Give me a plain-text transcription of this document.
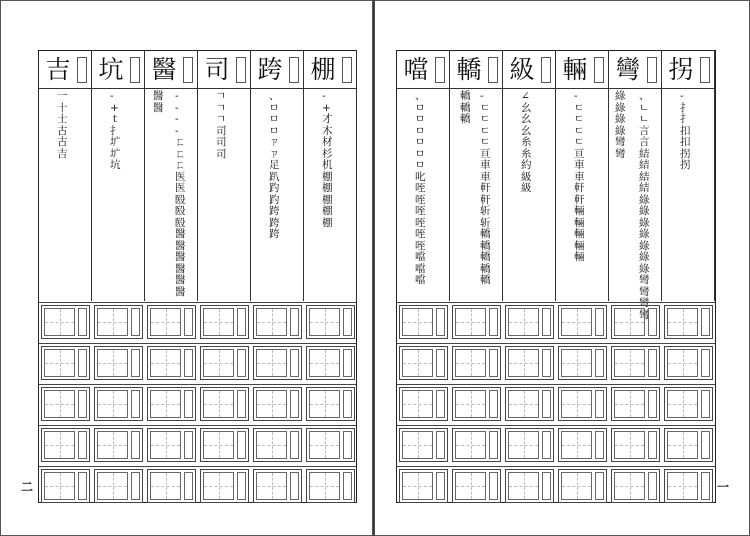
吉
一
十
士
古
古
吉
坑
-
+
ｔ
扌
圹
圹
坑
醫
醫
醫
-
-
-
-
ㄈ
ㄈ
ㄈ
医
医
殹
殹
殹
醫
醫
醫
醫
醫
醫
司
ㄱ
ㄱ
ㄱ
司
司
司
跨
、
ㅁ
ㅁ
ㅁ
ㄗ
ㄗ
足
趴
趵
趵
跨
跨
跨
棚
-
+
才
木
材
杉
机
棚
棚
棚
棚
棚
二
噹
、
ㅁ
ㅁ
ㅁ
ㅁ
ㅁ
ㅁ
叱
咥
咥
咥
咥
咥
咥
噹
噹
噹
轎
轎
轎
轎
-
ㄷ
ㄷ
ㄷ
ㄷ
亘
車
車
軒
軒
斩
斩
轎
轎
轎
轎
轎
級
∠
幺
幺
幺
糸
糸
約
級
級
輛
-
ㄷ
ㄷ
ㄷ
ㄷ
亘
車
車
軒
軒
輛
輛
輛
輛
輛
彎
綠
綠
綠
綠
彎
彎
、
ㄴ
ㄴ
言
言
結
結
結
結
綠
綠
綠
綠
綠
綠
綠
彎
彎
彎
彎
拐
-
扌
扌
扣
扣
拐
拐
一
